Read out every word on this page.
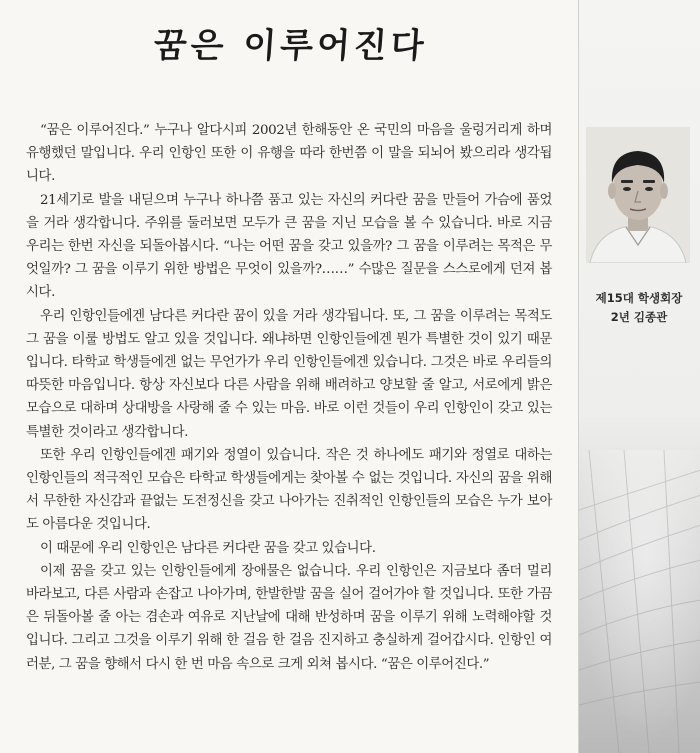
꿈은 이루어진다

“꿈은 이루어진다.” 누구나 알다시피 2002년 한해동안 온 국민의 마음을 울렁거리게 하며 유행했던 말입니다. 우리 인항인 또한 이 유행을 따라 한번쯤 이 말을 되뇌어 봤으리라 생각됩니다.

21세기로 발을 내딛으며 누구나 하나쯤 품고 있는 자신의 커다란 꿈을 만들어 가슴에 품었을 거라 생각합니다. 주위를 둘러보면 모두가 큰 꿈을 지닌 모습을 볼 수 있습니다. 바로 지금 우리는 한번 자신을 되돌아봅시다. “나는 어떤 꿈을 갖고 있을까? 그 꿈을 이루려는 목적은 무엇일까? 그 꿈을 이루기 위한 방법은 무엇이 있을까?……” 수많은 질문을 스스로에게 던져 봅시다.

우리 인항인들에겐 남다른 커다란 꿈이 있을 거라 생각됩니다. 또, 그 꿈을 이루려는 목적도 그 꿈을 이룰 방법도 알고 있을 것입니다. 왜냐하면 인항인들에겐 뭔가 특별한 것이 있기 때문입니다. 타학교 학생들에겐 없는 무언가가 우리 인항인들에겐 있습니다. 그것은 바로 우리들의 따뜻한 마음입니다. 항상 자신보다 다른 사람을 위해 배려하고 양보할 줄 알고, 서로에게 밝은 모습으로 대하며 상대방을 사랑해 줄 수 있는 마음. 바로 이런 것들이 우리 인항인이 갖고 있는 특별한 것이라고 생각합니다.

또한 우리 인항인들에겐 패기와 정열이 있습니다. 작은 것 하나에도 패기와 정열로 대하는 인항인들의 적극적인 모습은 타학교 학생들에게는 찾아볼 수 없는 것입니다. 자신의 꿈을 위해서 무한한 자신감과 끝없는 도전정신을 갖고 나아가는 진취적인 인항인들의 모습은 누가 보아도 아름다운 것입니다.

이 때문에 우리 인항인은 남다른 커다란 꿈을 갖고 있습니다.

이제 꿈을 갖고 있는 인항인들에게 장애물은 없습니다. 우리 인항인은 지금보다 좀더 멀리 바라보고, 다른 사람과 손잡고 나아가며, 한발한발 꿈을 실어 걸어가야 할 것입니다. 또한 가끔은 뒤돌아볼 줄 아는 겸손과 여유로 지난날에 대해 반성하며 꿈을 이루기 위해 노력해야할 것입니다. 그리고 그것을 이루기 위해 한 걸음 한 걸음 진지하고 충실하게 걸어갑시다. 인항인 여러분, 그 꿈을 향해서 다시 한 번 마음 속으로 크게 외쳐 봅시다. “꿈은 이루어진다.”

제15대 학생회장
2년 김종관
